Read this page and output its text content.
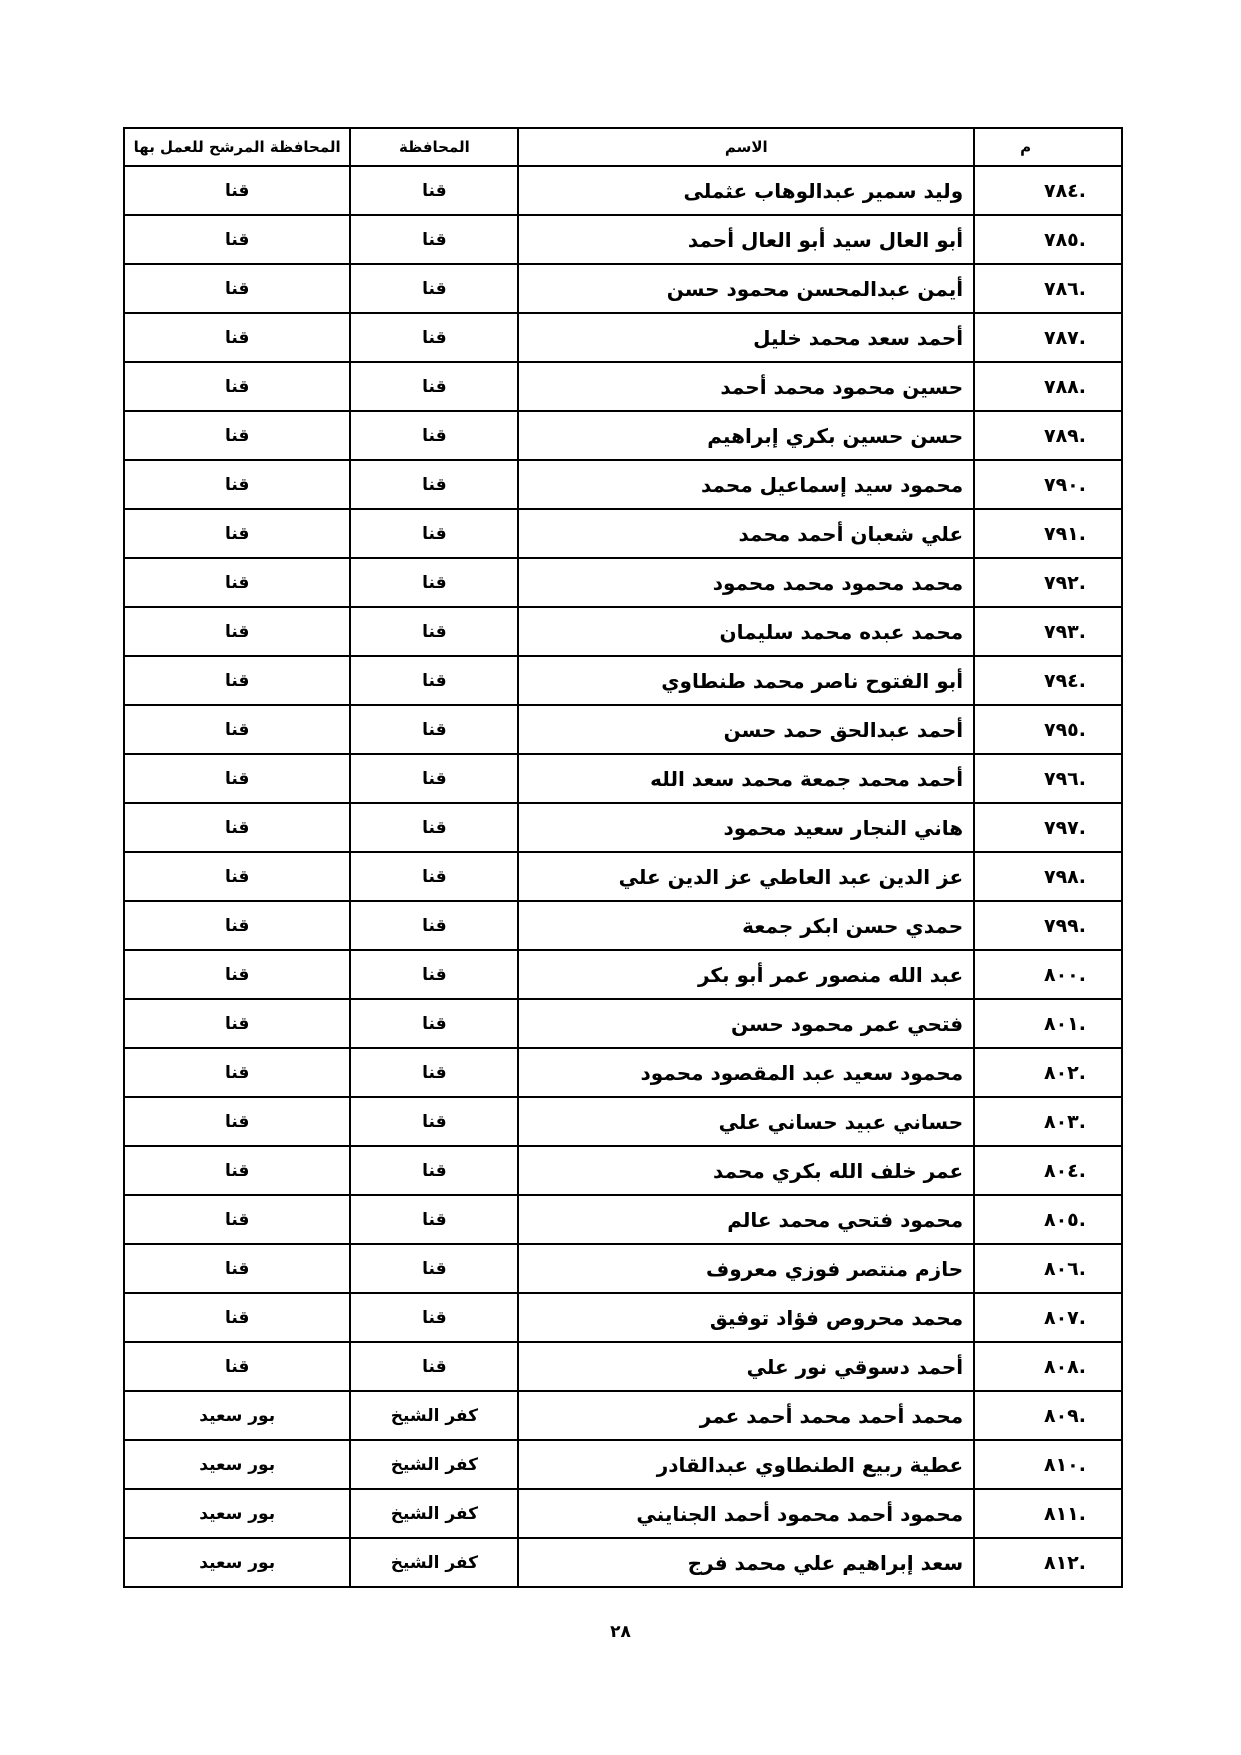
م	الاسم	المحافظة	المحافظة المرشح للعمل بها
.٧٨٤	وليد سمير عبدالوهاب عثملى	قنا	قنا
.٧٨٥	أبو العال سيد أبو العال أحمد	قنا	قنا
.٧٨٦	أيمن عبدالمحسن محمود حسن	قنا	قنا
.٧٨٧	أحمد سعد محمد خليل	قنا	قنا
.٧٨٨	حسين محمود محمد أحمد	قنا	قنا
.٧٨٩	حسن حسين بكري إبراهيم	قنا	قنا
.٧٩٠	محمود سيد إسماعيل محمد	قنا	قنا
.٧٩١	علي شعبان أحمد محمد	قنا	قنا
.٧٩٢	محمد محمود محمد محمود	قنا	قنا
.٧٩٣	محمد عبده محمد سليمان	قنا	قنا
.٧٩٤	أبو الفتوح ناصر محمد طنطاوي	قنا	قنا
.٧٩٥	أحمد عبدالحق حمد حسن	قنا	قنا
.٧٩٦	أحمد محمد جمعة محمد سعد الله	قنا	قنا
.٧٩٧	هاني النجار سعيد محمود	قنا	قنا
.٧٩٨	عز الدين عبد العاطي عز الدين علي	قنا	قنا
.٧٩٩	حمدي حسن ابكر جمعة	قنا	قنا
.٨٠٠	عبد الله منصور عمر أبو بكر	قنا	قنا
.٨٠١	فتحي عمر محمود حسن	قنا	قنا
.٨٠٢	محمود سعيد عبد المقصود محمود	قنا	قنا
.٨٠٣	حساني عبيد حساني علي	قنا	قنا
.٨٠٤	عمر خلف الله بكري محمد	قنا	قنا
.٨٠٥	محمود فتحي محمد عالم	قنا	قنا
.٨٠٦	حازم منتصر فوزي معروف	قنا	قنا
.٨٠٧	محمد محروص فؤاد توفيق	قنا	قنا
.٨٠٨	أحمد دسوقي نور علي	قنا	قنا
.٨٠٩	محمد أحمد محمد أحمد عمر	كفر الشيخ	بور سعيد
.٨١٠	عطية ربيع الطنطاوي عبدالقادر	كفر الشيخ	بور سعيد
.٨١١	محمود أحمد محمود أحمد الجنايني	كفر الشيخ	بور سعيد
.٨١٢	سعد إبراهيم علي محمد فرج	كفر الشيخ	بور سعيد
٢٨
